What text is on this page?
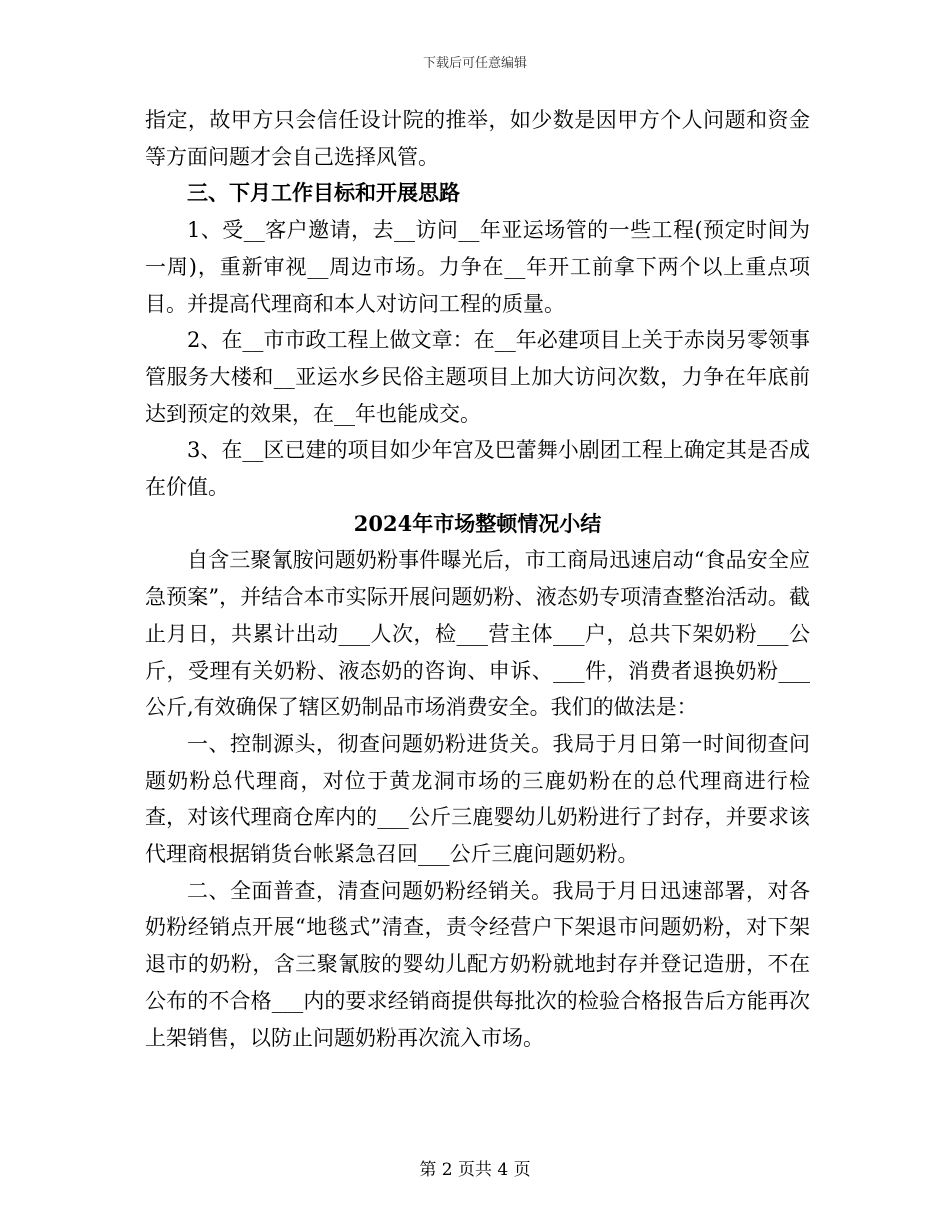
下载后可任意编辑

指定，故甲方只会信任设计院的推举，如少数是因甲方个人问题和资金等方面问题才会自己选择风管。

三、下月工作目标和开展思路

1、受__客户邀请，去__访问__年亚运场管的一些工程(预定时间为一周)，重新审视__周边市场。力争在__年开工前拿下两个以上重点项目。并提高代理商和本人对访问工程的质量。

2、在__市市政工程上做文章：在__年必建项目上关于赤岗另零领事管服务大楼和__亚运水乡民俗主题项目上加大访问次数，力争在年底前达到预定的效果，在__年也能成交。

3、在__区已建的项目如少年宫及巴蕾舞小剧团工程上确定其是否成在价值。

2024年市场整顿情况小结

自含三聚氰胺问题奶粉事件曝光后，市工商局迅速启动“食品安全应急预案”，并结合本市实际开展问题奶粉、液态奶专项清查整治活动。截止月日，共累计出动___人次，检___营主体___户，总共下架奶粉___公斤，受理有关奶粉、液态奶的咨询、申诉、___件，消费者退换奶粉___公斤,有效确保了辖区奶制品市场消费安全。我们的做法是：

一、控制源头，彻查问题奶粉进货关。我局于月日第一时间彻查问题奶粉总代理商，对位于黄龙洞市场的三鹿奶粉在的总代理商进行检查，对该代理商仓库内的___公斤三鹿婴幼儿奶粉进行了封存，并要求该代理商根据销货台帐紧急召回___公斤三鹿问题奶粉。

二、全面普查，清查问题奶粉经销关。我局于月日迅速部署，对各奶粉经销点开展“地毯式”清查，责令经营户下架退市问题奶粉，对下架退市的奶粉，含三聚氰胺的婴幼儿配方奶粉就地封存并登记造册，不在公布的不合格___内的要求经销商提供每批次的检验合格报告后方能再次上架销售，以防止问题奶粉再次流入市场。

第 2 页共 4 页
